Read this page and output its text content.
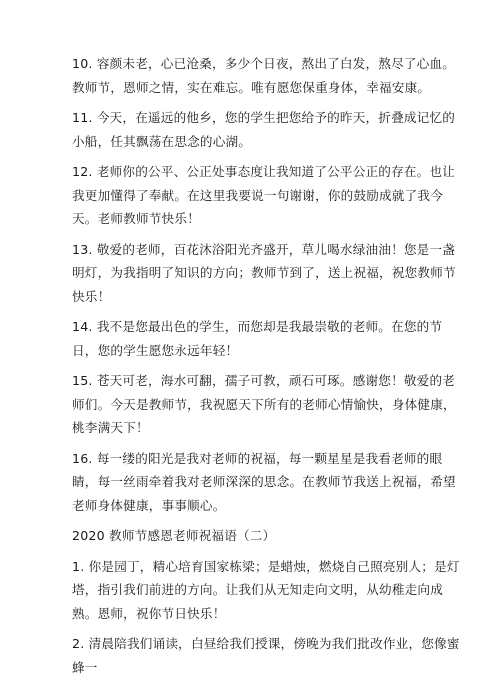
10. 容颜未老，心已沧桑，多少个日夜，熬出了白发，熬尽了心血。教师节，恩师之情，实在难忘。唯有愿您保重身体，幸福安康。

11. 今天，在遥远的他乡，您的学生把您给予的昨天，折叠成记忆的小船，任其飘荡在思念的心湖。

12. 老师你的公平、公正处事态度让我知道了公平公正的存在。也让我更加懂得了奉献。在这里我要说一句谢谢，你的鼓励成就了我今天。老师教师节快乐！

13. 敬爱的老师，百花沐浴阳光齐盛开，草儿喝水绿油油！您是一盏明灯，为我指明了知识的方向；教师节到了，送上祝福，祝您教师节快乐！

14. 我不是您最出色的学生，而您却是我最崇敬的老师。在您的节日，您的学生愿您永远年轻！

15. 苍天可老，海水可翻，孺子可教，顽石可琢。感谢您！敬爱的老师们。今天是教师节，我祝愿天下所有的老师心情愉快，身体健康，桃李满天下！

16. 每一缕的阳光是我对老师的祝福，每一颗星星是我看老师的眼睛，每一丝雨牵着我对老师深深的思念。在教师节我送上祝福，希望老师身体健康，事事顺心。

2020 教师节感恩老师祝福语（二）

1. 你是园丁，精心培育国家栋梁；是蜡烛，燃烧自己照亮别人；是灯塔，指引我们前进的方向。让我们从无知走向文明，从幼稚走向成熟。恩师，祝你节日快乐！

2. 清晨陪我们诵读，白昼给我们授课，傍晚为我们批改作业，您像蜜蜂一
